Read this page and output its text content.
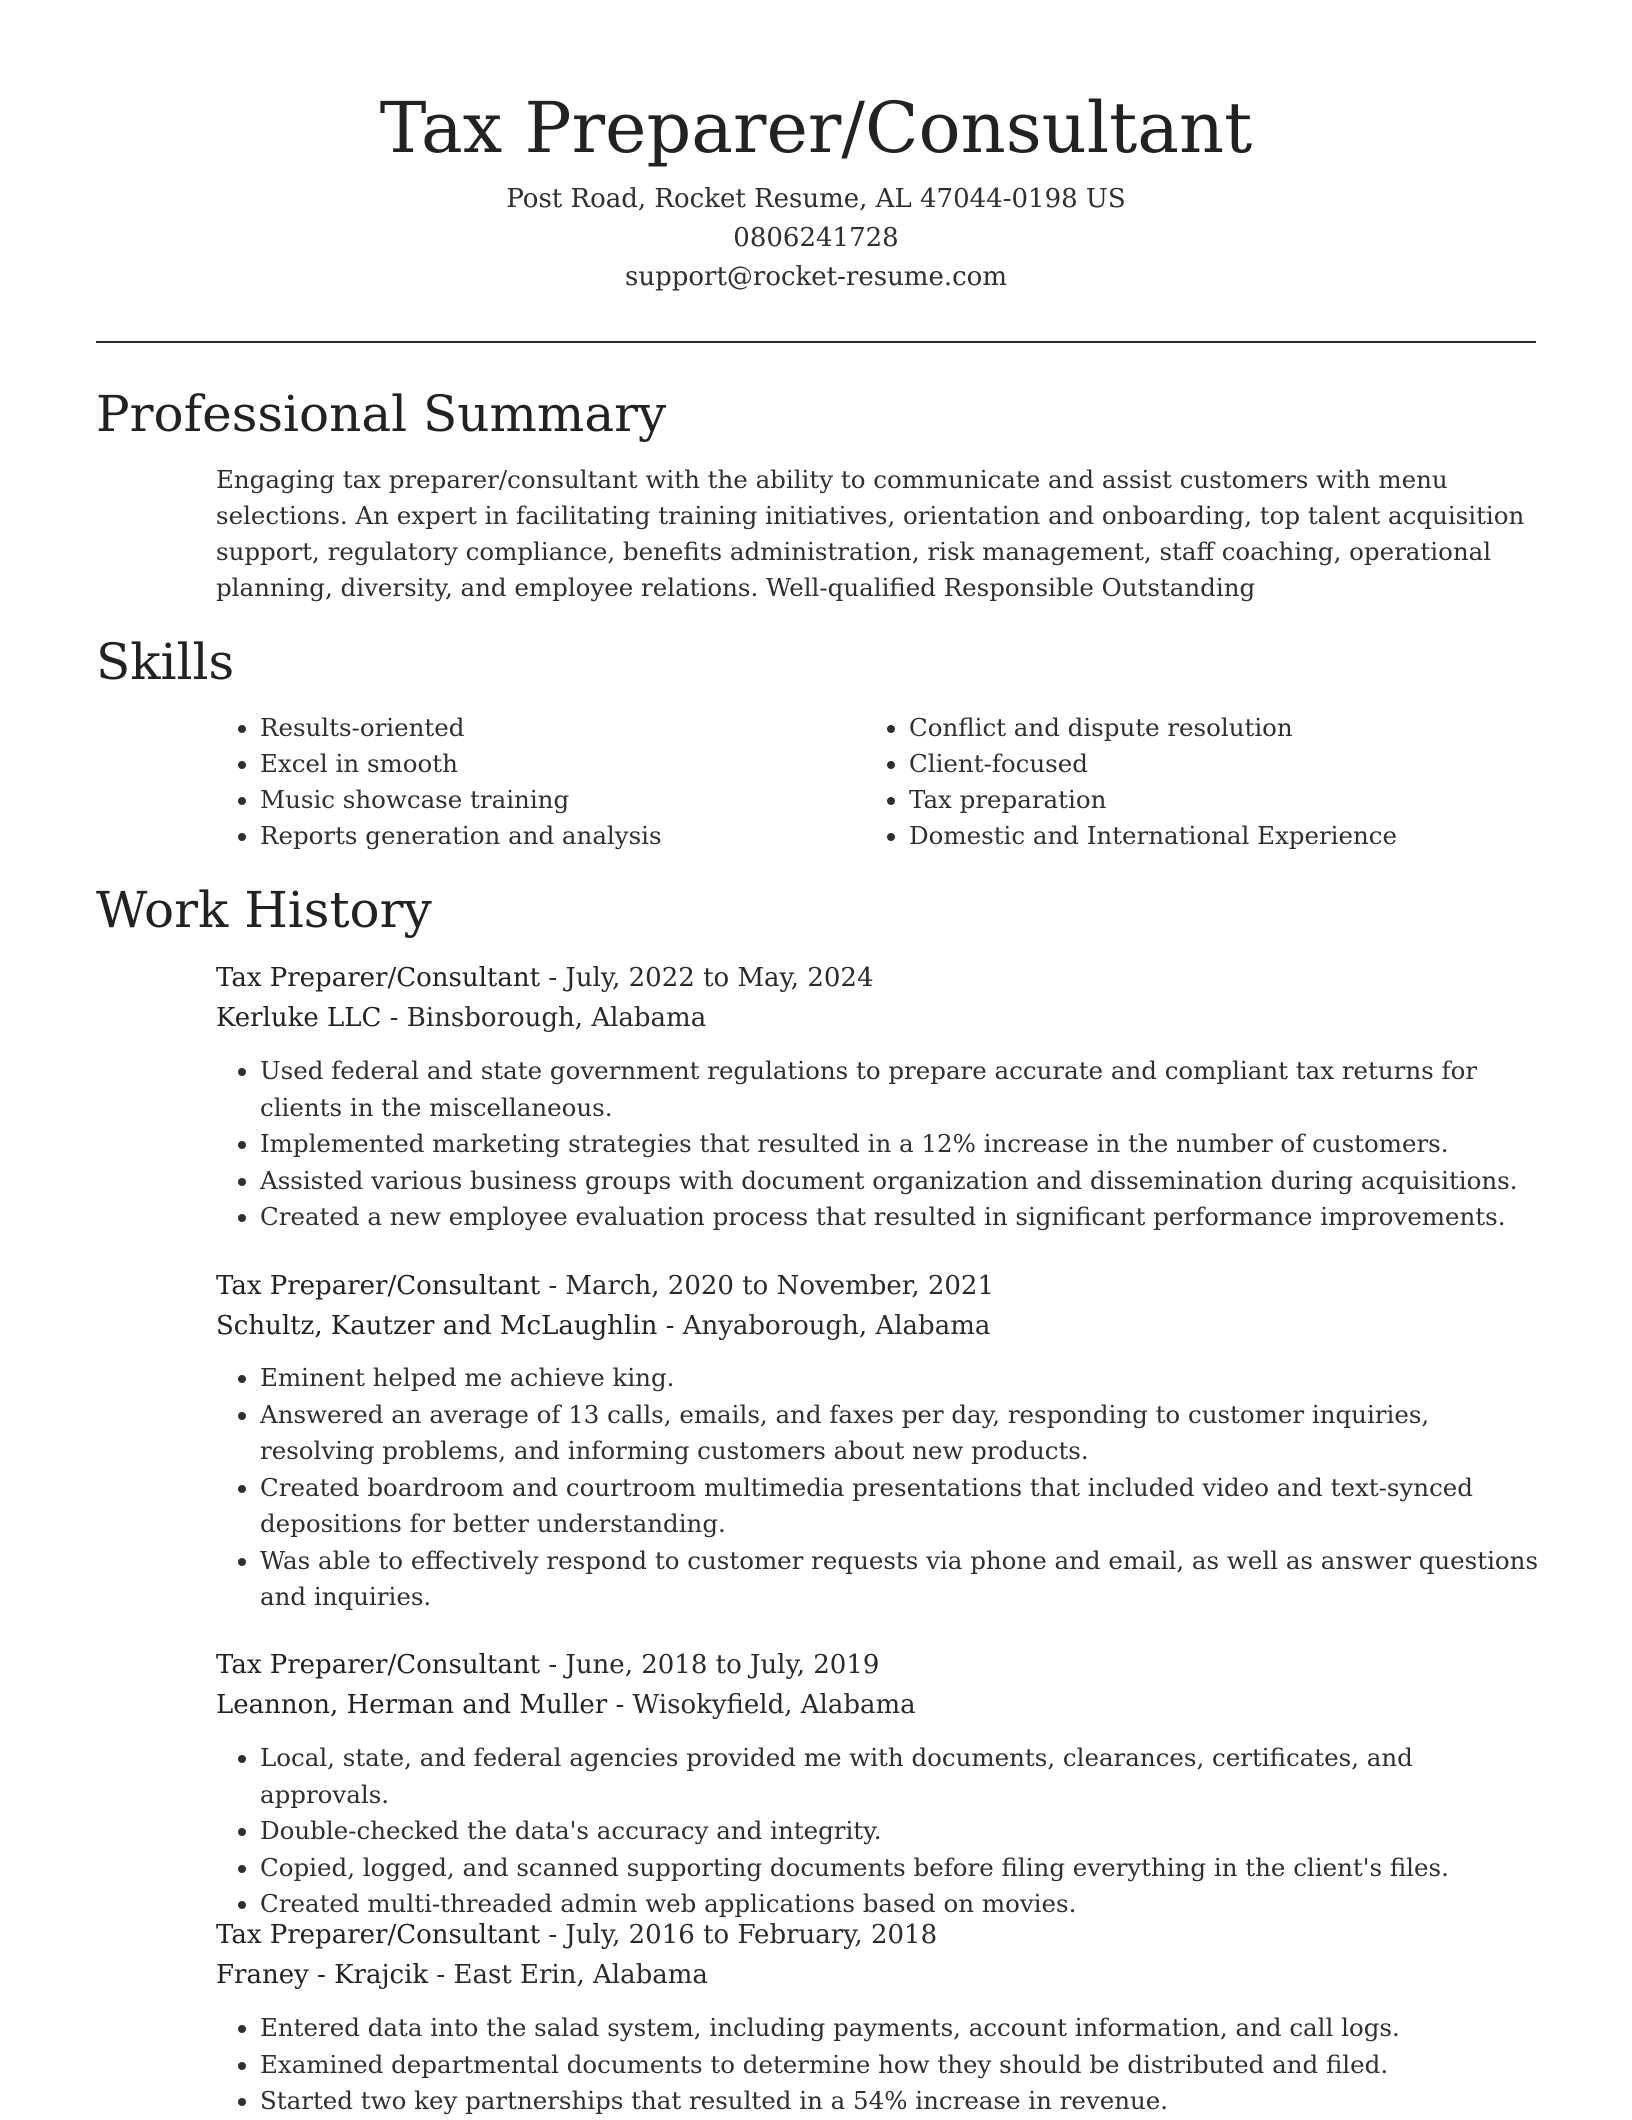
Tax Preparer/Consultant
Post Road, Rocket Resume, AL 47044-0198 US
0806241728
support@rocket-resume.com
Professional Summary
Engaging tax preparer/consultant with the ability to communicate and assist customers with menu selections. An expert in facilitating training initiatives, orientation and onboarding, top talent acquisition support, regulatory compliance, benefits administration, risk management, staff coaching, operational planning, diversity, and employee relations. Well-qualified Responsible Outstanding
Skills
• Results-oriented
• Excel in smooth
• Music showcase training
• Reports generation and analysis
• Conflict and dispute resolution
• Client-focused
• Tax preparation
• Domestic and International Experience
Work History
Tax Preparer/Consultant - July, 2022 to May, 2024
Kerluke LLC - Binsborough, Alabama
• Used federal and state government regulations to prepare accurate and compliant tax returns for clients in the miscellaneous.
• Implemented marketing strategies that resulted in a 12% increase in the number of customers.
• Assisted various business groups with document organization and dissemination during acquisitions.
• Created a new employee evaluation process that resulted in significant performance improvements.
Tax Preparer/Consultant - March, 2020 to November, 2021
Schultz, Kautzer and McLaughlin - Anyaborough, Alabama
• Eminent helped me achieve king.
• Answered an average of 13 calls, emails, and faxes per day, responding to customer inquiries, resolving problems, and informing customers about new products.
• Created boardroom and courtroom multimedia presentations that included video and text-synced depositions for better understanding.
• Was able to effectively respond to customer requests via phone and email, as well as answer questions and inquiries.
Tax Preparer/Consultant - June, 2018 to July, 2019
Leannon, Herman and Muller - Wisokyfield, Alabama
• Local, state, and federal agencies provided me with documents, clearances, certificates, and approvals.
• Double-checked the data's accuracy and integrity.
• Copied, logged, and scanned supporting documents before filing everything in the client's files.
• Created multi-threaded admin web applications based on movies.
Tax Preparer/Consultant - July, 2016 to February, 2018
Franey - Krajcik - East Erin, Alabama
• Entered data into the salad system, including payments, account information, and call logs.
• Examined departmental documents to determine how they should be distributed and filed.
• Started two key partnerships that resulted in a 54% increase in revenue.
